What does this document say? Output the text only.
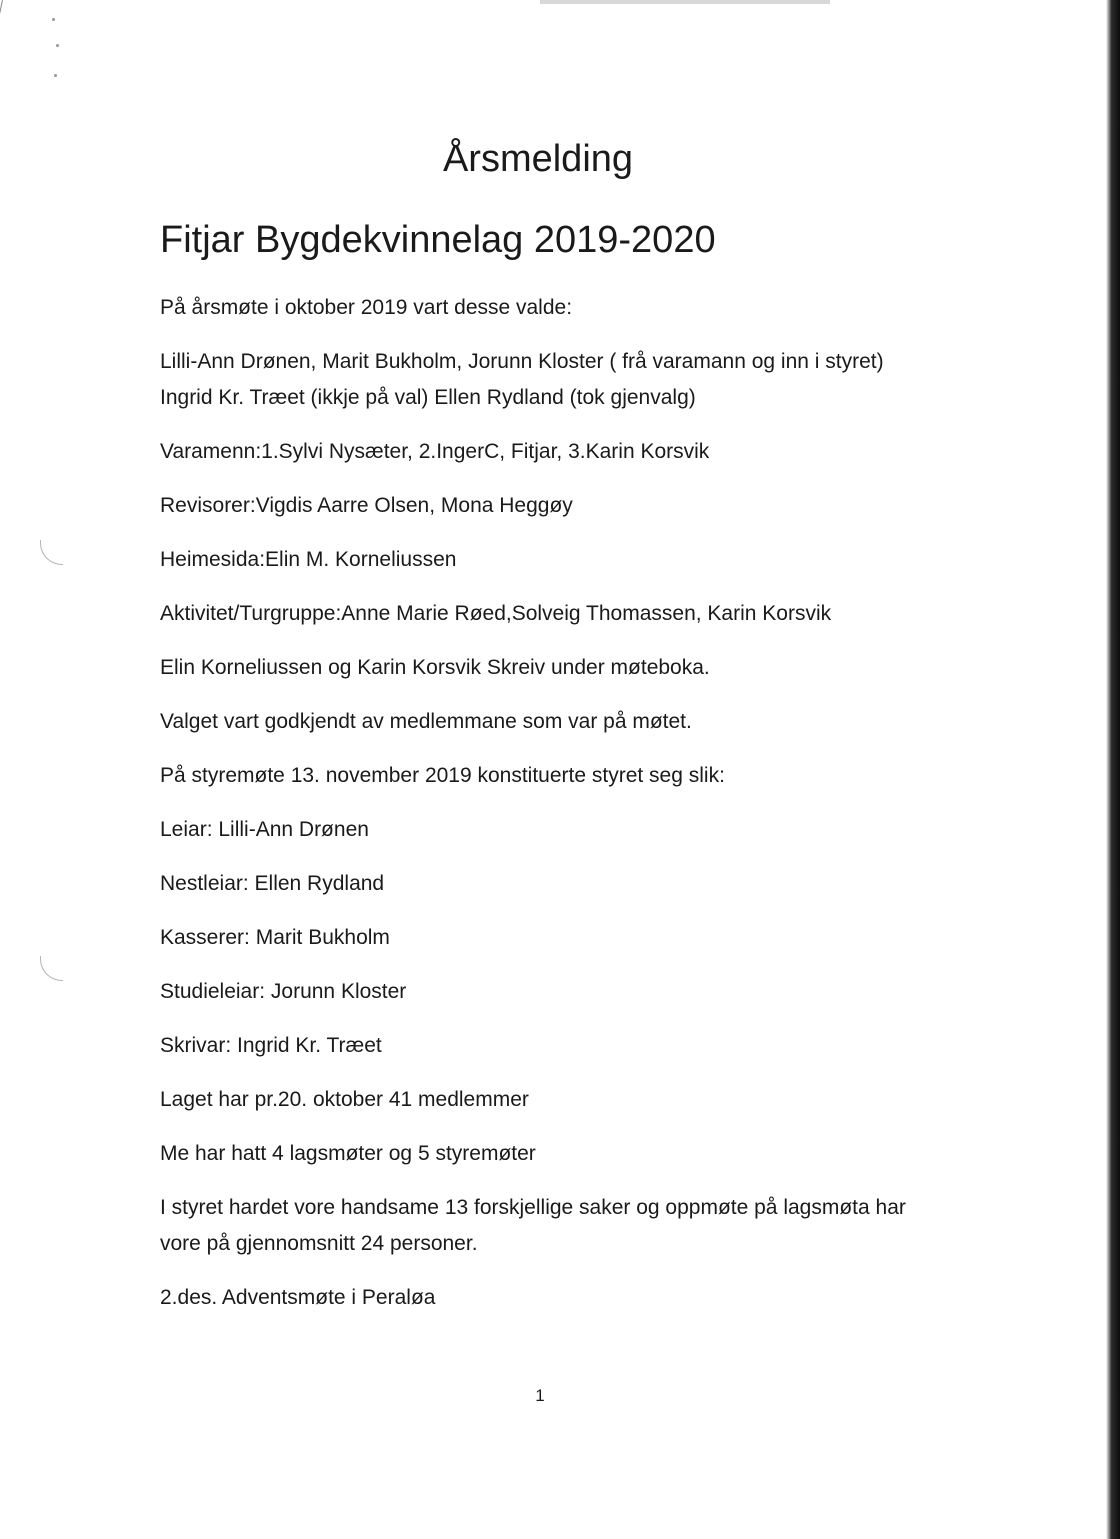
Årsmelding
Fitjar Bygdekvinnelag 2019-2020

På årsmøte i oktober 2019 vart desse valde:

Lilli-Ann Drønen, Marit Bukholm, Jorunn Kloster ( frå varamann og inn i styret) Ingrid Kr. Træet (ikkje på val) Ellen Rydland (tok gjenvalg)

Varamenn:1.Sylvi Nysæter, 2.IngerC, Fitjar, 3.Karin Korsvik

Revisorer:Vigdis Aarre Olsen, Mona Heggøy

Heimesida:Elin M. Korneliussen

Aktivitet/Turgruppe:Anne Marie Røed,Solveig Thomassen, Karin Korsvik

Elin Korneliussen og Karin Korsvik Skreiv under møteboka.

Valget vart godkjendt av medlemmane som var på møtet.

På styremøte 13. november 2019 konstituerte styret seg slik:

Leiar: Lilli-Ann Drønen

Nestleiar: Ellen Rydland

Kasserer: Marit Bukholm

Studieleiar: Jorunn Kloster

Skrivar: Ingrid Kr. Træet

Laget har pr.20. oktober 41 medlemmer

Me har hatt 4 lagsmøter og 5 styremøter

I styret hardet vore handsame 13 forskjellige saker og oppmøte på lagsmøta har vore på gjennomsnitt 24 personer.

2.des. Adventsmøte i Peraløa

1
